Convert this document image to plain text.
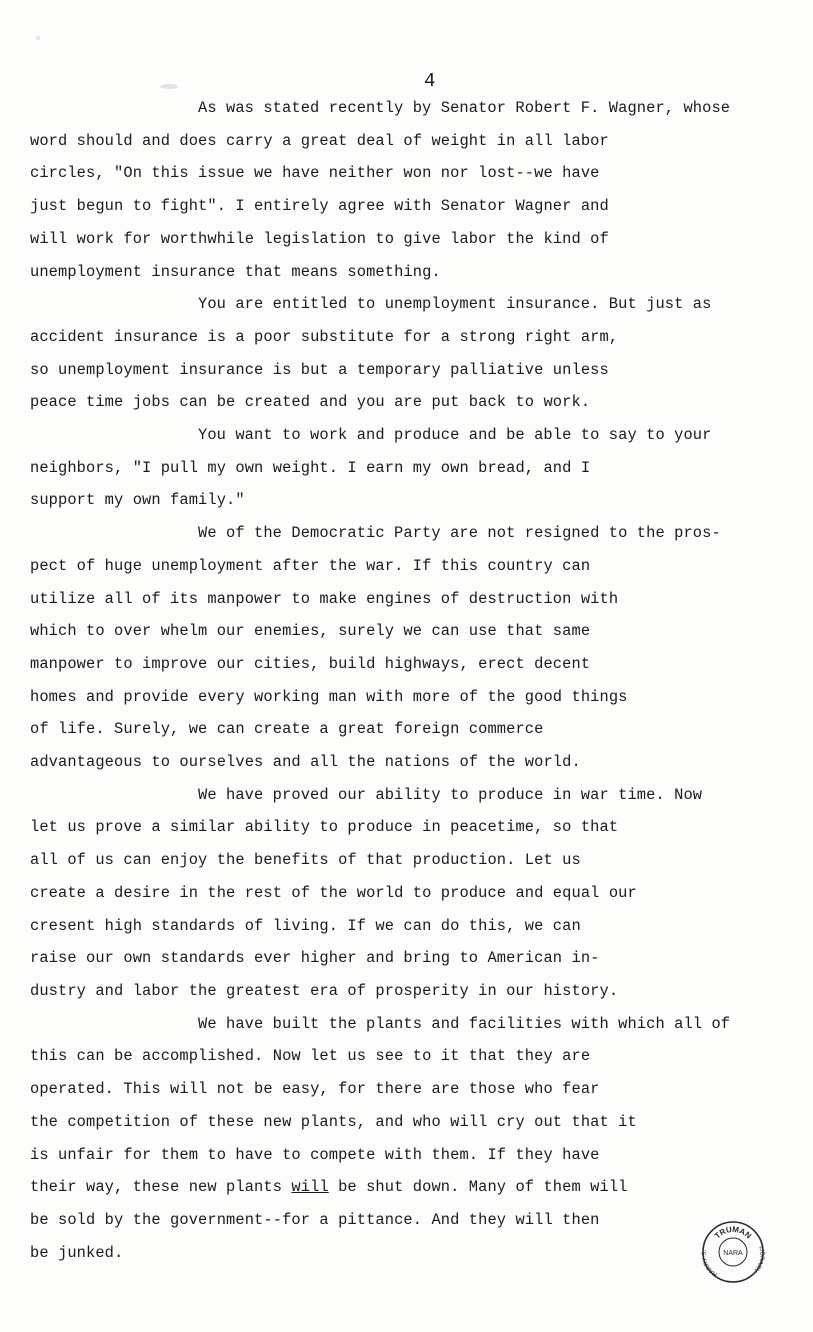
4

As was stated recently by Senator Robert F. Wagner, whose
word should and does carry a great deal of weight in all labor
circles, "On this issue we have neither won nor lost--we have
just begun to fight". I entirely agree with Senator Wagner and
will work for worthwhile legislation to give labor the kind of
unemployment insurance that means something.

You are entitled to unemployment insurance. But just as
accident insurance is a poor substitute for a strong right arm,
so unemployment insurance is but a temporary palliative unless
peace time jobs can be created and you are put back to work.

You want to work and produce and be able to say to your
neighbors, "I pull my own weight. I earn my own bread, and I
support my own family."

We of the Democratic Party are not resigned to the pros-
pect of huge unemployment after the war. If this country can
utilize all of its manpower to make engines of destruction with
which to over whelm our enemies, surely we can use that same
manpower to improve our cities, build highways, erect decent
homes and provide every working man with more of the good things
of life. Surely, we can create a great foreign commerce
advantageous to ourselves and all the nations of the world.

We have proved our ability to produce in war time. Now
let us prove a similar ability to produce in peacetime, so that
all of us can enjoy the benefits of that production. Let us
create a desire in the rest of the world to produce and equal our
cresent high standards of living. If we can do this, we can
raise our own standards ever higher and bring to American in-
dustry and labor the greatest era of prosperity in our history.

We have built the plants and facilities with which all of
this can be accomplished. Now let us see to it that they are
operated. This will not be easy, for there are those who fear
the competition of these new plants, and who will cry out that it
is unfair for them to have to compete with them. If they have
their way, these new plants will be shut down. Many of them will
be sold by the government--for a pittance. And they will then
be junked.

TRUMAN
HARRY S.	LIBRARY
NARA
